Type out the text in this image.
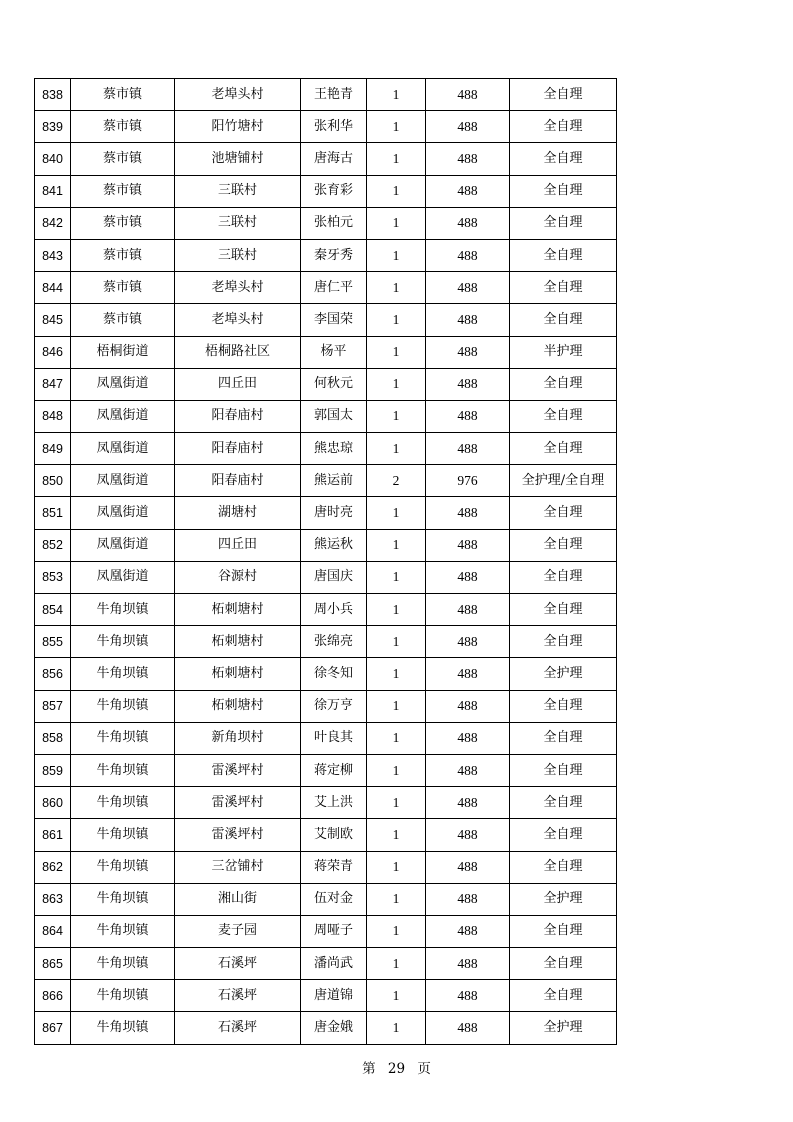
838	蔡市镇	老埠头村	王艳青	1	488	全自理
839	蔡市镇	阳竹塘村	张利华	1	488	全自理
840	蔡市镇	池塘铺村	唐海古	1	488	全自理
841	蔡市镇	三联村	张育彩	1	488	全自理
842	蔡市镇	三联村	张柏元	1	488	全自理
843	蔡市镇	三联村	秦牙秀	1	488	全自理
844	蔡市镇	老埠头村	唐仁平	1	488	全自理
845	蔡市镇	老埠头村	李国荣	1	488	全自理
846	梧桐街道	梧桐路社区	杨平	1	488	半护理
847	凤凰街道	四丘田	何秋元	1	488	全自理
848	凤凰街道	阳春庙村	郭国太	1	488	全自理
849	凤凰街道	阳春庙村	熊忠琼	1	488	全自理
850	凤凰街道	阳春庙村	熊运前	2	976	全护理/全自理
851	凤凰街道	湖塘村	唐时亮	1	488	全自理
852	凤凰街道	四丘田	熊运秋	1	488	全自理
853	凤凰街道	谷源村	唐国庆	1	488	全自理
854	牛角坝镇	柘刺塘村	周小兵	1	488	全自理
855	牛角坝镇	柘刺塘村	张绵亮	1	488	全自理
856	牛角坝镇	柘刺塘村	徐冬知	1	488	全护理
857	牛角坝镇	柘刺塘村	徐万亨	1	488	全自理
858	牛角坝镇	新角坝村	叶良其	1	488	全自理
859	牛角坝镇	雷溪坪村	蒋定柳	1	488	全自理
860	牛角坝镇	雷溪坪村	艾上洪	1	488	全自理
861	牛角坝镇	雷溪坪村	艾制欧	1	488	全自理
862	牛角坝镇	三岔铺村	蒋荣青	1	488	全自理
863	牛角坝镇	湘山街	伍对金	1	488	全护理
864	牛角坝镇	麦子园	周哑子	1	488	全自理
865	牛角坝镇	石溪坪	潘尚武	1	488	全自理
866	牛角坝镇	石溪坪	唐道锦	1	488	全自理
867	牛角坝镇	石溪坪	唐金娥	1	488	全护理
第 29 页
